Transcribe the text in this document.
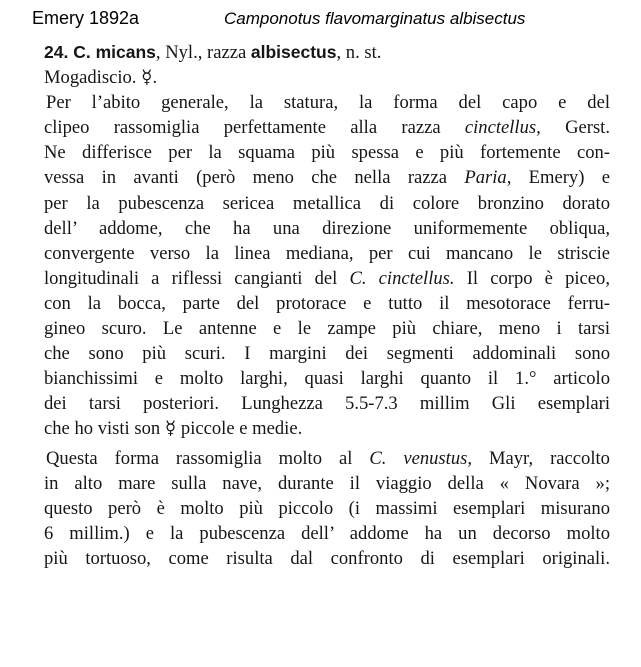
Emery 1892a	Camponotus flavomarginatus albisectus
24. C. micans, Nyl., razza albisectus, n. st.
Mogadiscio. ☿.
Per l’abito generale, la statura, la forma del capo e del
clipeo rassomiglia perfettamente alla razza cinctellus, Gerst.
Ne differisce per la squama più spessa e più fortemente con-
vessa in avanti (però meno che nella razza Paria, Emery) e
per la pubescenza sericea metallica di colore bronzino dorato
dell’ addome, che ha una direzione uniformemente obliqua,
convergente verso la linea mediana, per cui mancano le striscie
longitudinali a riflessi cangianti del C. cinctellus. Il corpo è piceo,
con la bocca, parte del protorace e tutto il mesotorace ferru-
gineo scuro. Le antenne e le zampe più chiare, meno i tarsi
che sono più scuri. I margini dei segmenti addominali sono
bianchissimi e molto larghi, quasi larghi quanto il 1.° articolo
dei tarsi posteriori. Lunghezza 5.5-7.3 millim Gli esemplari
che ho visti son ☿ piccole e medie.
Questa forma rassomiglia molto al C. venustus, Mayr, raccolto
in alto mare sulla nave, durante il viaggio della « Novara »;
questo però è molto più piccolo (i massimi esemplari misurano
6 millim.) e la pubescenza dell’ addome ha un decorso molto
più tortuoso, come risulta dal confronto di esemplari originali.
